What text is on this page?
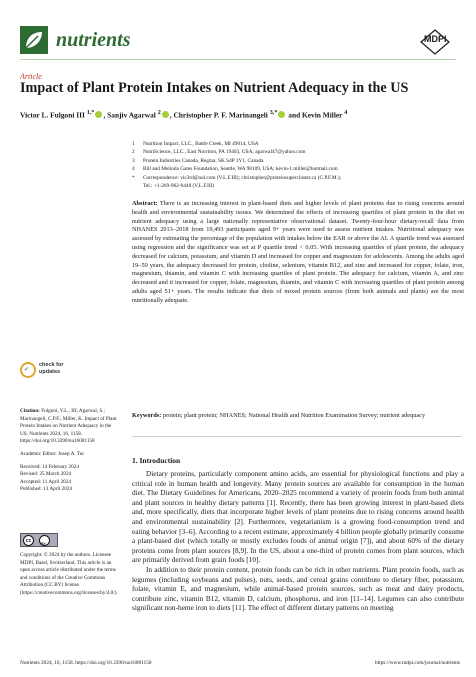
nutrients	MDPI
Article
Impact of Plant Protein Intakes on Nutrient Adequacy in the US
Victor L. Fulgoni III $^{1,*}$ , Sanjiv Agarwal $^2$ , Christopher P. F. Marinangeli $^{3,*}$ and Kevin Miller $^4$
1	Nutrition Impact, LLC., Battle Creek, MI 49014, USA
2	NutriScience, LLC., East Norriton, PA 19403, USA; agarwal47@yahoo.com
3	Protein Industries Canada, Regina, SK S4P 1Y1, Canada
4	Bill and Melinda Gates Foundation, Seattle, WA 98109, USA; kevin-1.miller@hotmail.com
*	Correspondence: vic3rd@aol.com (V.L.F.III); christopher@proteinsupercluster.ca (C.P.F.M.);
Tel.: +1-269-962-0448 (V.L.F.III)
Abstract: There is an increasing interest in plant-based diets and higher levels of plant proteins due to rising concerns around health and environmental sustainability issues. We determined the effects of increasing quartiles of plant protein in the diet on nutrient adequacy using a large nationally representative observational dataset. Twenty-four-hour dietary-recall data from NHANES 2013–2018 from 19,493 participants aged 9+ years were used to assess nutrient intakes. Nutritional adequacy was assessed by estimating the percentage of the population with intakes below the EAR or above the AI. A quartile trend was assessed using regression and the significance was set at P quartile trend < 0.05. With increasing quartiles of plant protein, the adequacy decreased for calcium, potassium, and vitamin D and increased for copper and magnesium for adolescents. Among the adults aged 19–50 years, the adequacy decreased for protein, choline, selenium, vitamin B12, and zinc and increased for copper, folate, iron, magnesium, thiamin, and vitamin C with increasing quartiles of plant protein. The adequacy for calcium, vitamin A, and zinc decreased and it increased for copper, folate, magnesium, thiamin, and vitamin C with increasing quartiles of plant protein among adults aged 51+ years. The results indicate that diets of mixed protein sources (from both animals and plants) are the most nutritionally adequate.
Keywords: protein; plant protein; NHANES; National Health and Nutrition Examination Survey; nutrient adequacy
✓
check for updates

Citation: Fulgoni, V.L., III; Agarwal, S.; Marinangeli, C.P.F.; Miller, K. Impact of Plant Protein Intakes on Nutrient Adequacy in the US. Nutrients 2024, 16, 1158. https://doi.org/10.3390/nu16081158

Academic Editor: Josep A. Tur

Received: 14 February 2024
Revised: 25 March 2024
Accepted: 11 April 2024
Published: 13 April 2024

cc	BY
Copyright: © 2024 by the authors. Licensee MDPI, Basel, Switzerland. This article is an open access article distributed under the terms and conditions of the Creative Commons Attribution (CC BY) license (https://creativecommons.org/licenses/by/4.0/).
1. Introduction

Dietary proteins, particularly component amino acids, are essential for physiological functions and play a critical role in human health and longevity. Many protein sources are available for consumption in the human diet. The Dietary Guidelines for Americans, 2020–2025 recommend a variety of protein foods from both animal and plant sources in healthy dietary patterns [1]. Recently, there has been growing interest in plant-based diets and, more specifically, diets that incorporate higher levels of plant proteins due to rising concerns around health and environmental sustainability [2]. Furthermore, vegetarianism is a growing food-consumption trend and eating behavior [3–6]. According to a recent estimate, approximately 4 billion people globally primarily consume a plant-based diet (which totally or mostly excludes foods of animal origin [7]), and about 60% of the dietary proteins come from plant sources [8,9]. In the US, about a one-third of protein comes from plant sources, which are primarily derived from grain foods [10].

In addition to their protein content, protein foods can be rich in other nutrients. Plant protein foods, such as legumes (including soybeans and pulses), nuts, seeds, and cereal grains contribute to dietary fiber, potassium, folate, vitamin E, and magnesium, while animal-based protein sources, such as meat and dairy products, contribute zinc, vitamin B12, vitamin D, calcium, phosphorus, and iron [11–14]. Legumes can also contribute significant non-heme iron to diets [11]. The effect of different dietary patterns on meeting

Nutrients 2024, 16, 1158. https://doi.org/10.3390/nu16081158	https://www.mdpi.com/journal/nutrients
